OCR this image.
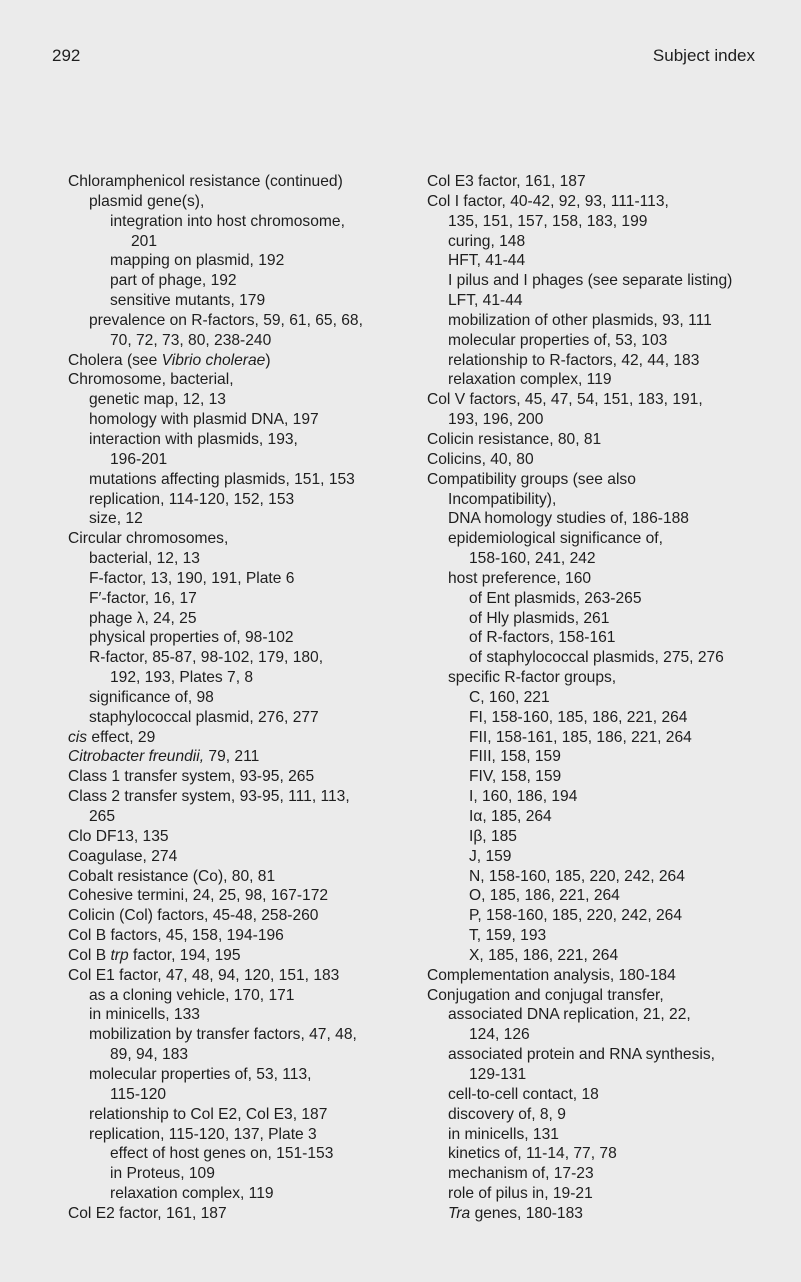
292	Subject index
Chloramphenicol resistance (continued)
plasmid gene(s),
integration into host chromosome,
201
mapping on plasmid, 192
part of phage, 192
sensitive mutants, 179
prevalence on R-factors, 59, 61, 65, 68,
70, 72, 73, 80, 238-240
Cholera (see Vibrio cholerae)
Chromosome, bacterial,
genetic map, 12, 13
homology with plasmid DNA, 197
interaction with plasmids, 193,
196-201
mutations affecting plasmids, 151, 153
replication, 114-120, 152, 153
size, 12
Circular chromosomes,
bacterial, 12, 13
F-factor, 13, 190, 191, Plate 6
F′-factor, 16, 17
phage λ, 24, 25
physical properties of, 98-102
R-factor, 85-87, 98-102, 179, 180,
192, 193, Plates 7, 8
significance of, 98
staphylococcal plasmid, 276, 277
cis effect, 29
Citrobacter freundii, 79, 211
Class 1 transfer system, 93-95, 265
Class 2 transfer system, 93-95, 111, 113,
265
Clo DF13, 135
Coagulase, 274
Cobalt resistance (Co), 80, 81
Cohesive termini, 24, 25, 98, 167-172
Colicin (Col) factors, 45-48, 258-260
Col B factors, 45, 158, 194-196
Col B trp factor, 194, 195
Col E1 factor, 47, 48, 94, 120, 151, 183
as a cloning vehicle, 170, 171
in minicells, 133
mobilization by transfer factors, 47, 48,
89, 94, 183
molecular properties of, 53, 113,
115-120
relationship to Col E2, Col E3, 187
replication, 115-120, 137, Plate 3
effect of host genes on, 151-153
in Proteus, 109
relaxation complex, 119
Col E2 factor, 161, 187
Col E3 factor, 161, 187
Col I factor, 40-42, 92, 93, 111-113,
135, 151, 157, 158, 183, 199
curing, 148
HFT, 41-44
I pilus and I phages (see separate listing)
LFT, 41-44
mobilization of other plasmids, 93, 111
molecular properties of, 53, 103
relationship to R-factors, 42, 44, 183
relaxation complex, 119
Col V factors, 45, 47, 54, 151, 183, 191,
193, 196, 200
Colicin resistance, 80, 81
Colicins, 40, 80
Compatibility groups (see also
Incompatibility),
DNA homology studies of, 186-188
epidemiological significance of,
158-160, 241, 242
host preference, 160
of Ent plasmids, 263-265
of Hly plasmids, 261
of R-factors, 158-161
of staphylococcal plasmids, 275, 276
specific R-factor groups,
C, 160, 221
FI, 158-160, 185, 186, 221, 264
FII, 158-161, 185, 186, 221, 264
FIII, 158, 159
FIV, 158, 159
I, 160, 186, 194
Iα, 185, 264
Iβ, 185
J, 159
N, 158-160, 185, 220, 242, 264
O, 185, 186, 221, 264
P, 158-160, 185, 220, 242, 264
T, 159, 193
X, 185, 186, 221, 264
Complementation analysis, 180-184
Conjugation and conjugal transfer,
associated DNA replication, 21, 22,
124, 126
associated protein and RNA synthesis,
129-131
cell-to-cell contact, 18
discovery of, 8, 9
in minicells, 131
kinetics of, 11-14, 77, 78
mechanism of, 17-23
role of pilus in, 19-21
Tra genes, 180-183
